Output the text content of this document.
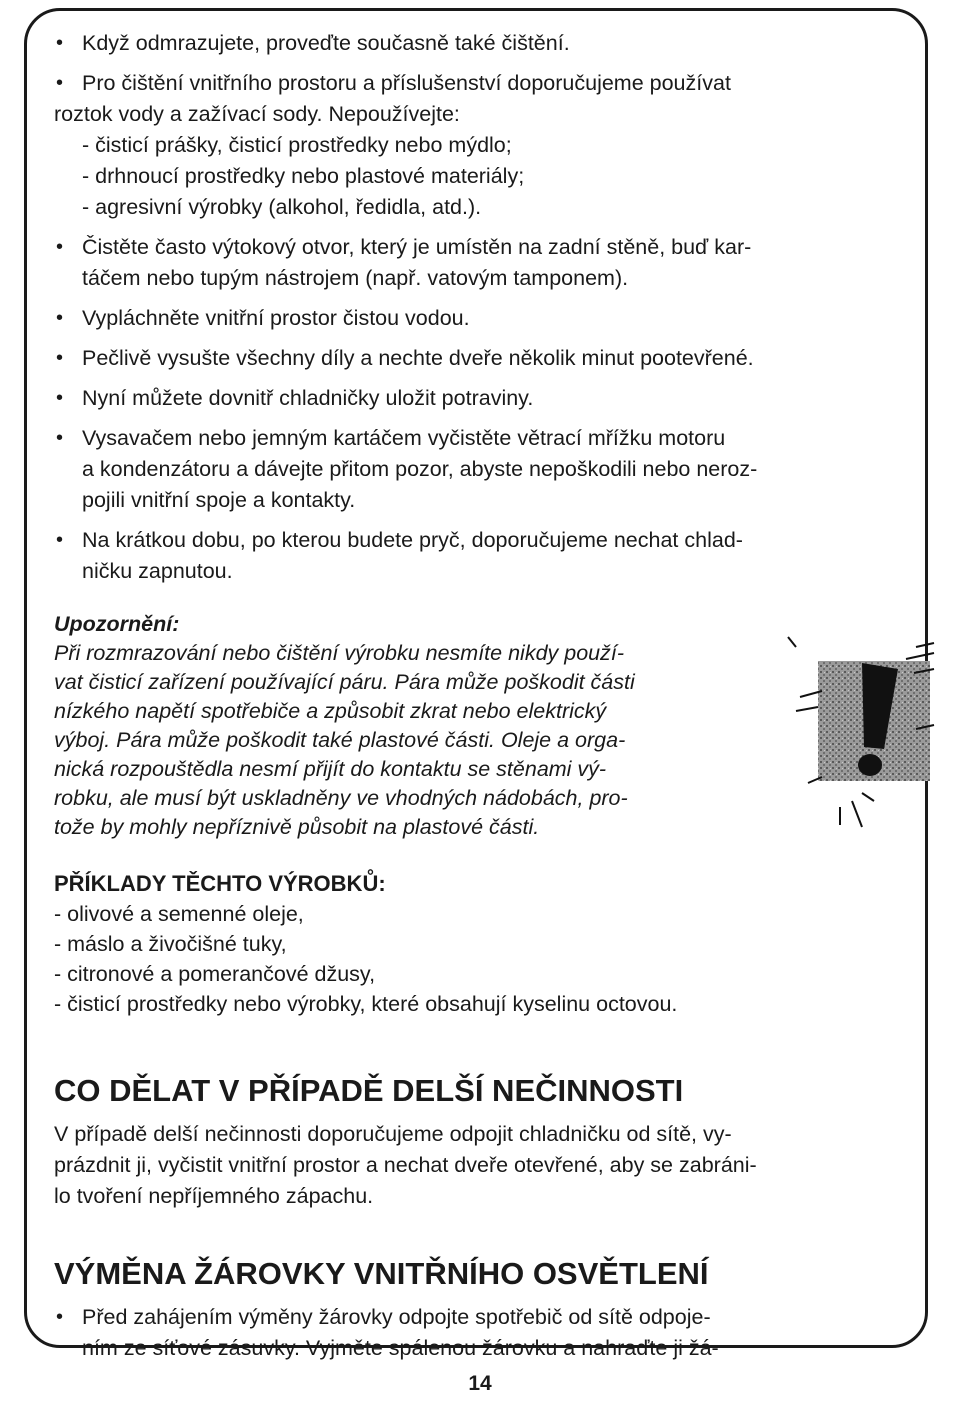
• Když odmrazujete, proveďte současně také čištění.
• Pro čištění vnitřního prostoru a příslušenství doporučujeme používat
roztok vody a zažívací sody. Nepoužívejte:
- čisticí prášky, čisticí prostředky nebo mýdlo;
- drhnoucí prostředky nebo plastové materiály;
- agresivní výrobky (alkohol, ředidla, atd.).
• Čistěte často výtokový otvor, který je umístěn na zadní stěně, buď kar-
táčem nebo tupým nástrojem (např. vatovým tamponem).
• Vypláchněte vnitřní prostor čistou vodou.
• Pečlivě vysušte všechny díly a nechte dveře několik minut pootevřené.
• Nyní můžete dovnitř chladničky uložit potraviny.
• Vysavačem nebo jemným kartáčem vyčistěte větrací mřížku motoru
a kondenzátoru a dávejte přitom pozor, abyste nepoškodili nebo neroz-
pojili vnitřní spoje a kontakty.
• Na krátkou dobu, po kterou budete pryč, doporučujeme nechat chlad-
ničku zapnutou.
Upozornění:
Při rozmrazování nebo čištění výrobku nesmíte nikdy použí-
vat čisticí zařízení používající páru. Pára může poškodit části
nízkého napětí spotřebiče a způsobit zkrat nebo elektrický
výboj. Pára může poškodit také plastové části. Oleje a orga-
nická rozpouštědla nesmí přijít do kontaktu se stěnami vý-
robku, ale musí být uskladněny ve vhodných nádobách, pro-
tože by mohly nepříznivě působit na plastové části.
PŘÍKLADY TĚCHTO VÝROBKŮ:
- olivové a semenné oleje,
- máslo a živočišné tuky,
- citronové a pomerančové džusy,
- čisticí prostředky nebo výrobky, které obsahují kyselinu octovou.
CO DĚLAT V PŘÍPADĚ DELŠÍ NEČINNOSTI
V případě delší nečinnosti doporučujeme odpojit chladničku od sítě, vy-
prázdnit ji, vyčistit vnitřní prostor a nechat dveře otevřené, aby se zabráni-
lo tvoření nepříjemného zápachu.
VÝMĚNA ŽÁROVKY VNITŘNÍHO OSVĚTLENÍ
• Před zahájením výměny žárovky odpojte spotřebič od sítě odpoje-
ním ze síťové zásuvky. Vyjměte spálenou žárovku a nahraďte ji žá-
14
